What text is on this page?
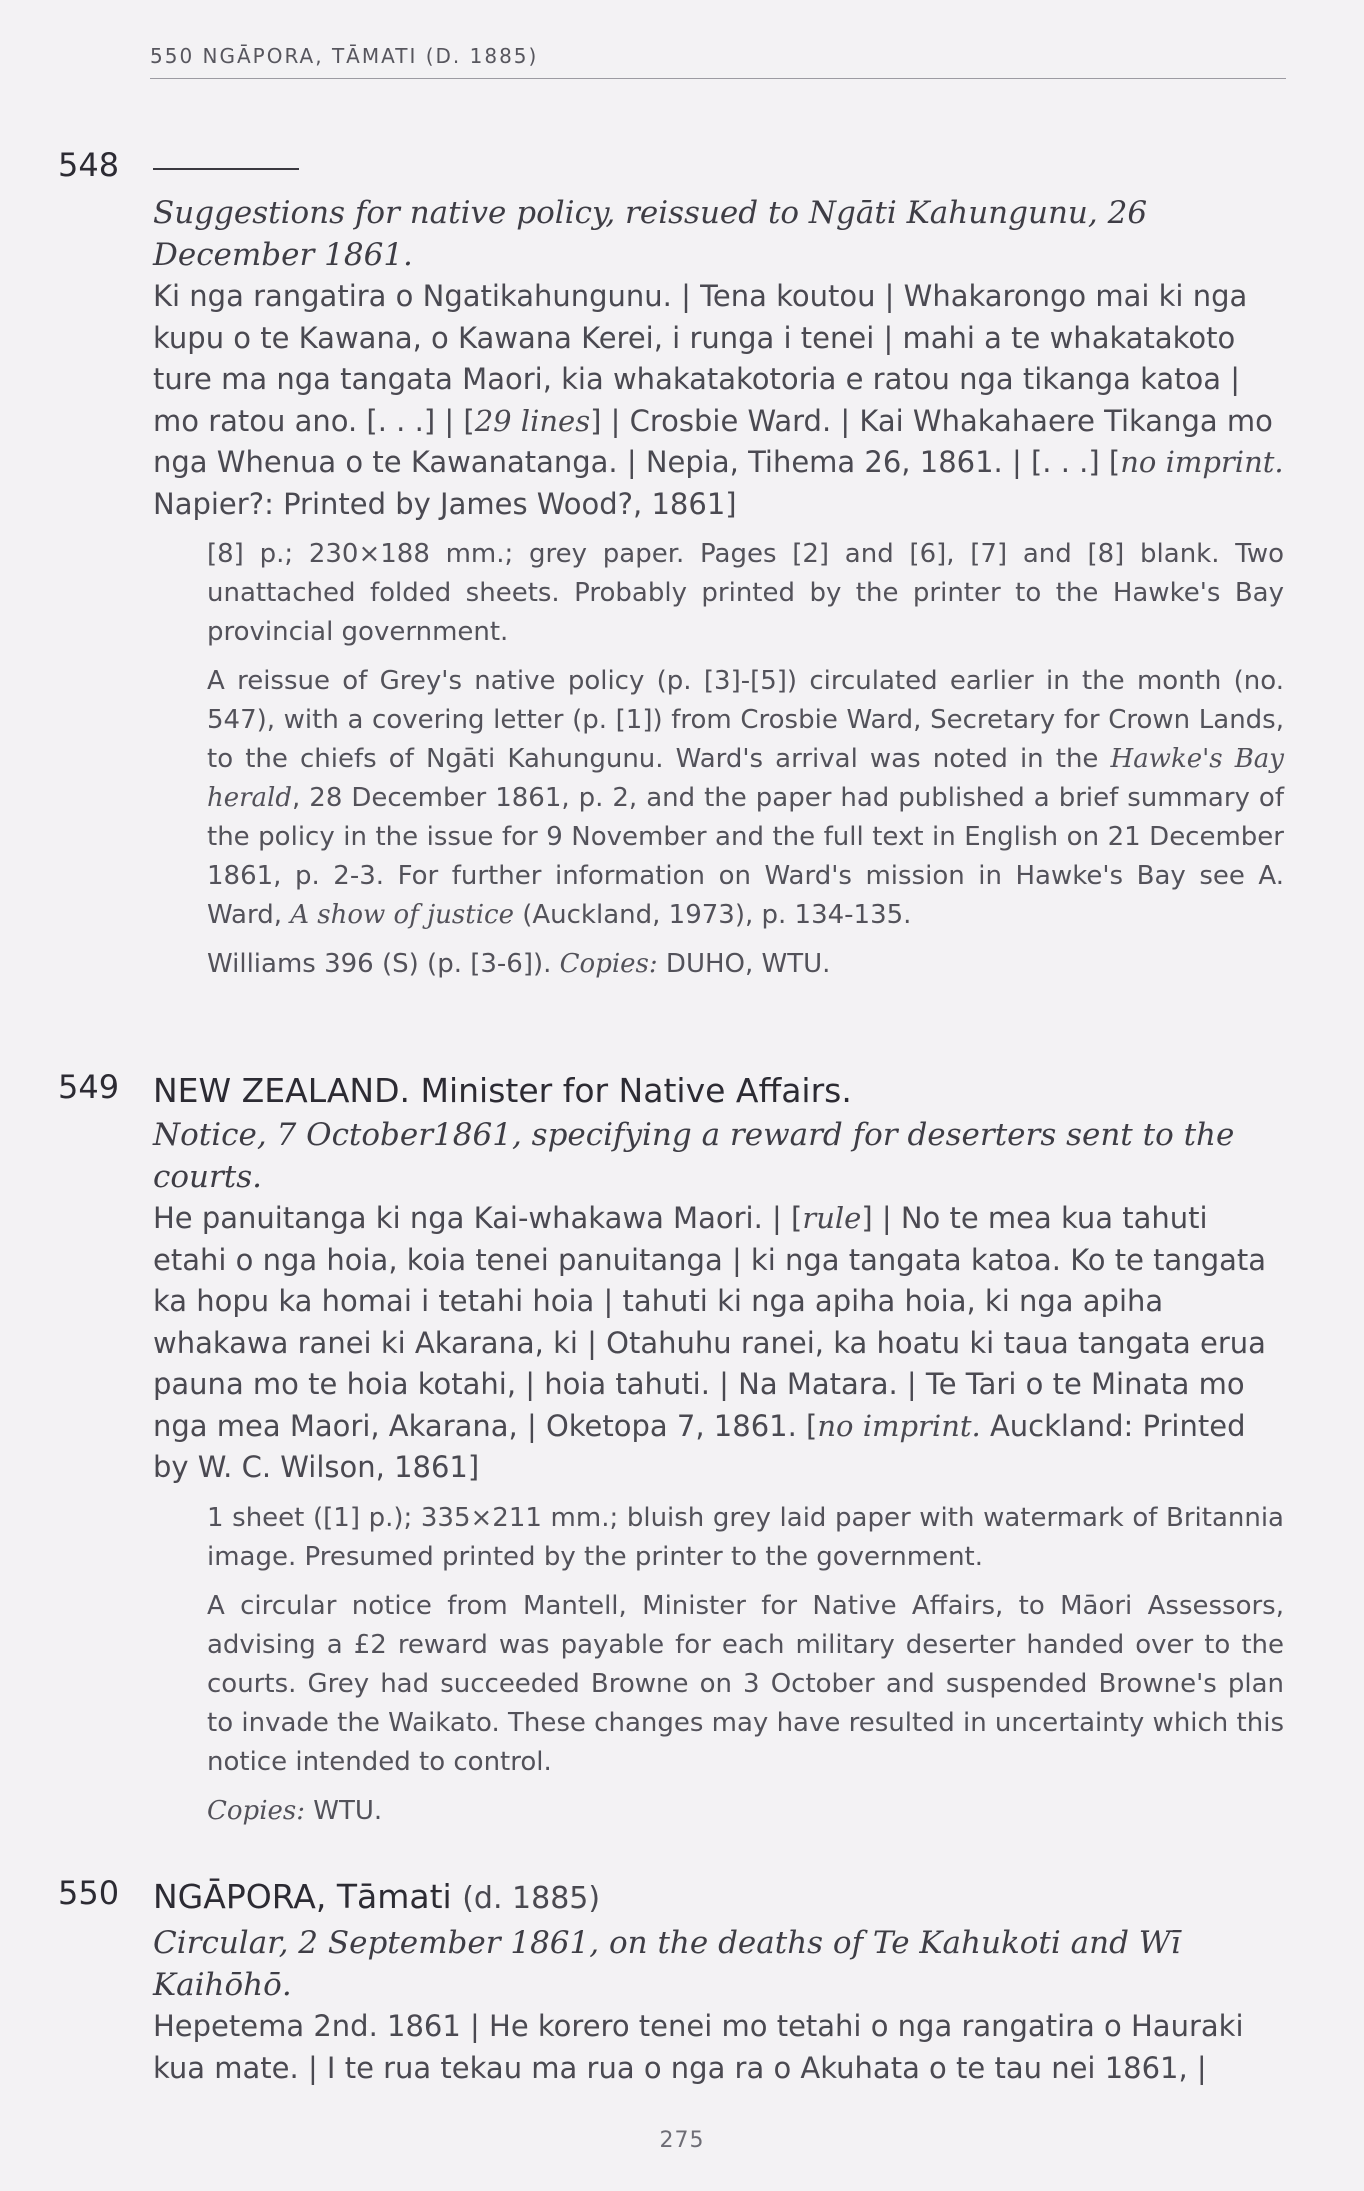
550 NGĀPORA, TĀMATI (D. 1885)
548
Suggestions for native policy, reissued to Ngāti Kahungunu, 26 December 1861.
Ki nga rangatira o Ngatikahungunu. | Tena koutou | Whakarongo mai ki nga kupu o te Kawana, o Kawana Kerei, i runga i tenei | mahi a te whakatakoto ture ma nga tangata Maori, kia whakatakotoria e ratou nga tikanga katoa | mo ratou ano. [. . .] | [29 lines] | Crosbie Ward. | Kai Whakahaere Tikanga mo nga Whenua o te Kawanatanga. | Nepia, Tihema 26, 1861. | [. . .] [no imprint. Napier?: Printed by James Wood?, 1861]
[8] p.; 230×188 mm.; grey paper. Pages [2] and [6], [7] and [8] blank. Two unattached folded sheets. Probably printed by the printer to the Hawke's Bay provincial government.
A reissue of Grey's native policy (p. [3]-[5]) circulated earlier in the month (no. 547), with a covering letter (p. [1]) from Crosbie Ward, Secretary for Crown Lands, to the chiefs of Ngāti Kahungunu. Ward's arrival was noted in the Hawke's Bay herald, 28 December 1861, p. 2, and the paper had published a brief summary of the policy in the issue for 9 November and the full text in English on 21 December 1861, p. 2-3. For further information on Ward's mission in Hawke's Bay see A. Ward, A show of justice (Auckland, 1973), p. 134-135.
Williams 396 (S) (p. [3-6]). Copies: DUHO, WTU.
549 NEW ZEALAND. Minister for Native Affairs.
Notice, 7 October1861, specifying a reward for deserters sent to the courts.
He panuitanga ki nga Kai-whakawa Maori. | [rule] | No te mea kua tahuti etahi o nga hoia, koia tenei panuitanga | ki nga tangata katoa. Ko te tangata ka hopu ka homai i tetahi hoia | tahuti ki nga apiha hoia, ki nga apiha whakawa ranei ki Akarana, ki | Otahuhu ranei, ka hoatu ki taua tangata erua pauna mo te hoia kotahi, | hoia tahuti. | Na Matara. | Te Tari o te Minata mo nga mea Maori, Akarana, | Oketopa 7, 1861. [no imprint. Auckland: Printed by W. C. Wilson, 1861]
1 sheet ([1] p.); 335×211 mm.; bluish grey laid paper with watermark of Britannia image. Presumed printed by the printer to the government.
A circular notice from Mantell, Minister for Native Affairs, to Māori Assessors, advising a £2 reward was payable for each military deserter handed over to the courts. Grey had succeeded Browne on 3 October and suspended Browne's plan to invade the Waikato. These changes may have resulted in uncertainty which this notice intended to control.
Copies: WTU.
550 NGĀPORA, Tāmati (d. 1885)
Circular, 2 September 1861, on the deaths of Te Kahukoti and Wī Kaihōhō.
Hepetema 2nd. 1861 | He korero tenei mo tetahi o nga rangatira o Hauraki kua mate. | I te rua tekau ma rua o nga ra o Akuhata o te tau nei 1861, |
275
